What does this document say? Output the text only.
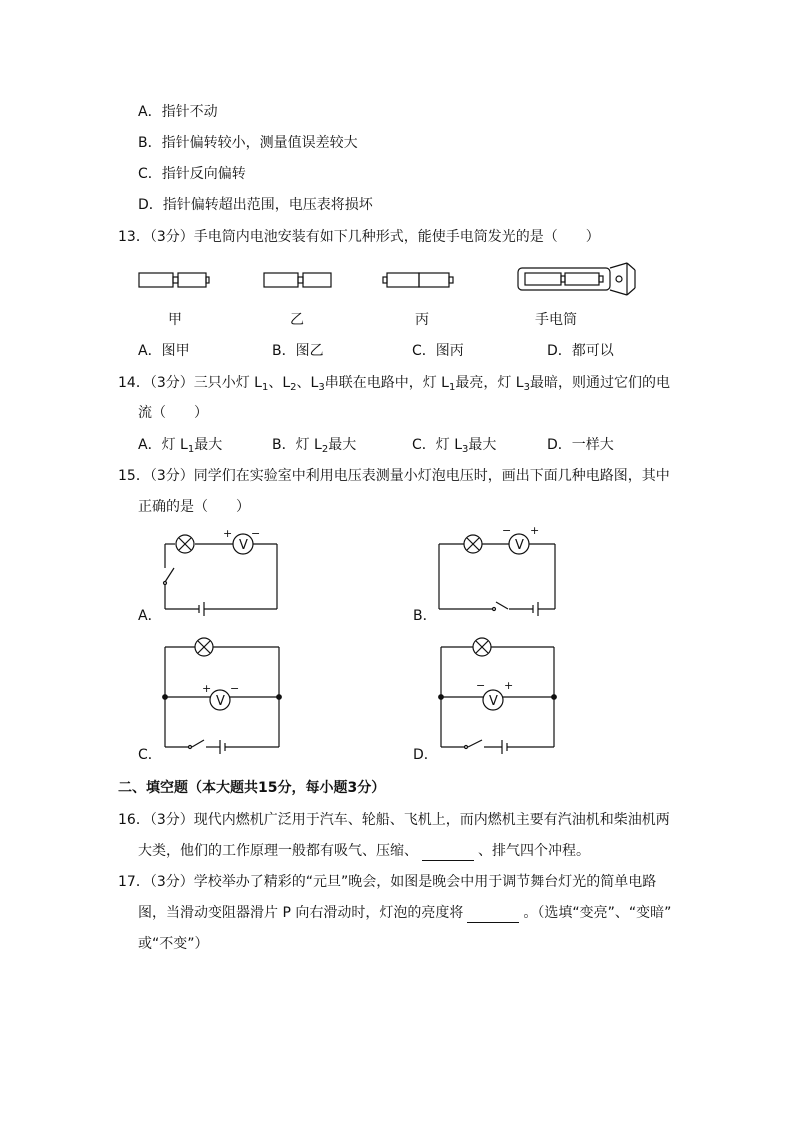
A．指针不动
B．指针偏转较小，测量值误差较大
C．指针反向偏转
D．指针偏转超出范围，电压表将损坏
13．（3分）手电筒内电池安装有如下几种形式，能使手电筒发光的是（　　）
甲	乙	丙	手电筒
A．图甲	B．图乙	C．图丙	D．都可以
14．（3分）三只小灯 $L_1$、$L_2$、$L_3$串联在电路中，灯 $L_1$最亮，灯 $L_3$最暗，则通过它们的电
流（　　）
A．灯 $L_1$最大	B．灯 $L_2$最大	C．灯 $L_3$最大	D．一样大
15．（3分）同学们在实验室中利用电压表测量小灯泡电压时，画出下面几种电路图，其中
正确的是（　　）
V
+ −
A．
V
− +
B．
V
+ −
C．
V
− +
D．
二、填空题（本大题共15分，每小题3分）
16．（3分）现代内燃机广泛用于汽车、轮船、飞机上，而内燃机主要有汽油机和柴油机两
大类，他们的工作原理一般都有吸气、压缩、	、排气四个冲程。
17．（3分）学校举办了精彩的“元旦”晚会，如图是晚会中用于调节舞台灯光的简单电路
图，当滑动变阻器滑片 P 向右滑动时，灯泡的亮度将	。（选填“变亮”、“变暗”
或“不变”）
